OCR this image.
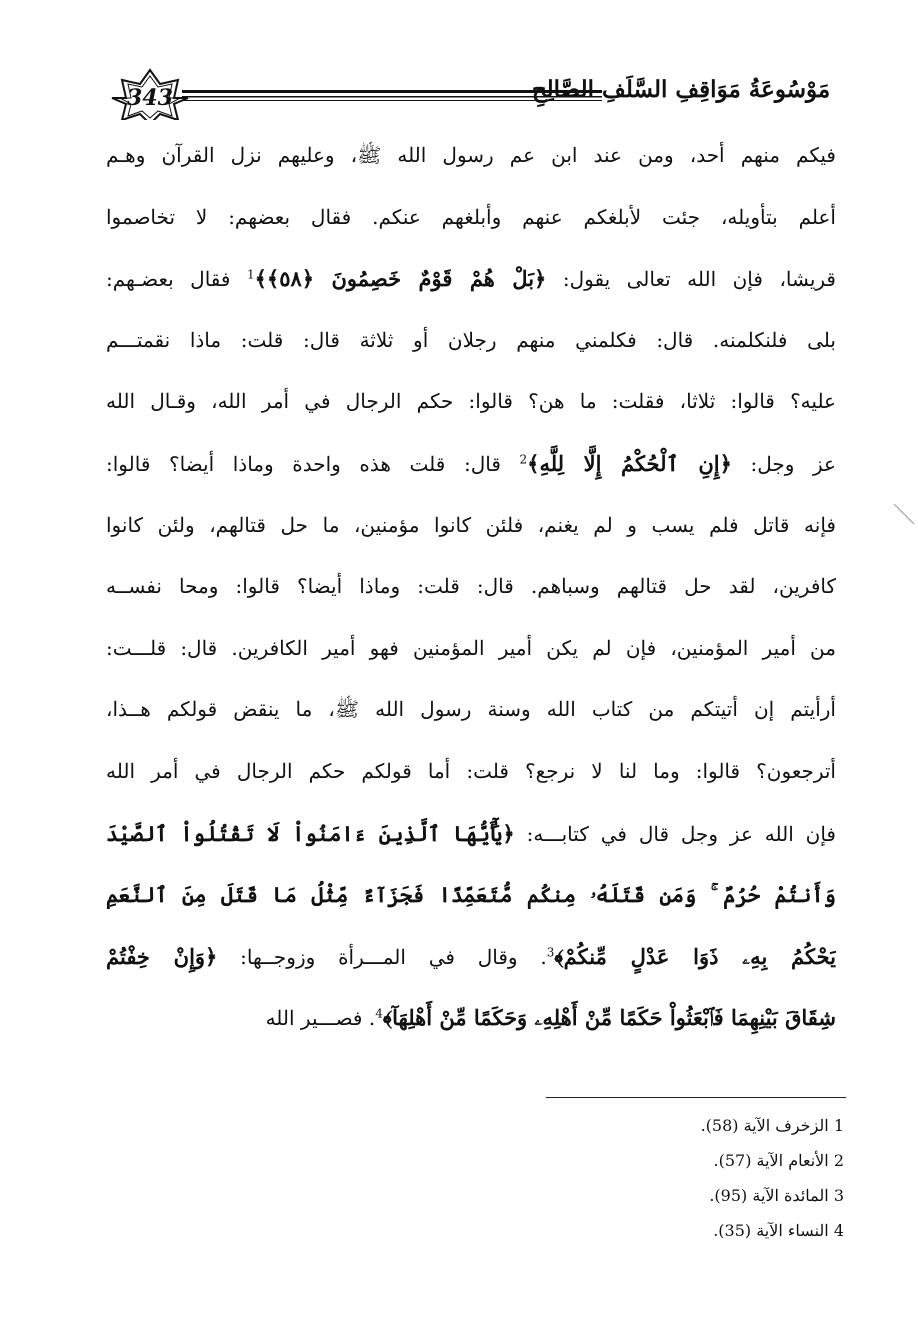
343	مَوْسُوعَةُ مَوَاقِفِ السَّلَفِ الصَّالِحِ
فيكم منهم أحد، ومن عند ابن عم رسول الله ﷺ، وعليهم نزل القرآن وهـم
أعلم بتأويله، جئت لأبلغكم عنهم وأبلغهم عنكم. فقال بعضهم: لا تخاصموا
قريشا، فإن الله تعالى يقول: ﴿بَلْ هُمْ قَوْمٌ خَصِمُونَ ﴿٥٨﴾﴾$^1$ فقال بعضـهم:
بلى فلنكلمنه. قال: فكلمني منهم رجلان أو ثلاثة قال: قلت: ماذا نقمتـــم
عليه؟ قالوا: ثلاثا، فقلت: ما هن؟ قالوا: حكم الرجال في أمر الله، وقـال الله
عز وجل: ﴿إِنِ ٱلْحُكْمُ إِلَّا لِلَّهِ﴾$^2$ قال: قلت هذه واحدة وماذا أيضا؟ قالوا:
فإنه قاتل فلم يسب و لم يغنم، فلئن كانوا مؤمنين، ما حل قتالهم، ولئن كانوا
كافرين، لقد حل قتالهم وسباهم. قال: قلت: وماذا أيضا؟ قالوا: ومحا نفســه
من أمير المؤمنين، فإن لم يكن أمير المؤمنين فهو أمير الكافرين. قال: قلـــت:
أرأيتم إن أتيتكم من كتاب الله وسنة رسول الله ﷺ، ما ينقض قولكم هــذا،
أترجعون؟ قالوا: وما لنا لا نرجع؟ قلت: أما قولكم حكم الرجال في أمر الله
فإن الله عز وجل قال في كتابـــه: ﴿يَٰٓأَيُّهَا ٱلَّذِينَ ءَامَنُواْ لَا تَقْتُلُواْ ٱلصَّيْدَ
وَأَنتُمْ حُرُمٌ ۚ وَمَن قَتَلَهُۥ مِنكُم مُّتَعَمِّدًا فَجَزَآءٌ مِّثْلُ مَا قَتَلَ مِنَ ٱلنَّعَمِ
يَحْكُمُ بِهِۦ ذَوَا عَدْلٍ مِّنكُمْ﴾$^3$. وقال في المـــرأة وزوجــها: ﴿وَإِنْ خِفْتُمْ
شِقَاقَ بَيْنِهِمَا فَٱبْعَثُواْ حَكَمًا مِّنْ أَهْلِهِۦ وَحَكَمًا مِّنْ أَهْلِهَآ﴾$^4$. فصـــير الله
1 الزخرف الآية (58).
2 الأنعام الآية (57).
3 المائدة الآية (95).
4 النساء الآية (35).
